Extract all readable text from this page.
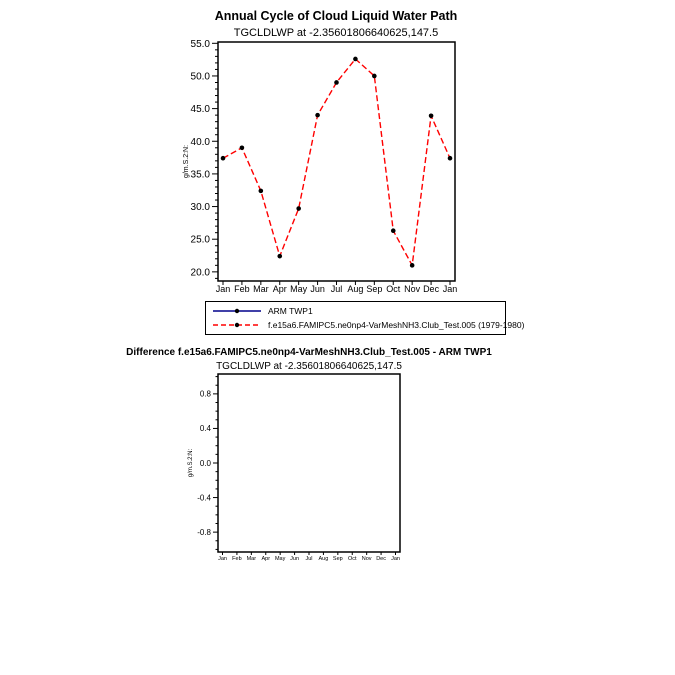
Annual Cycle of Cloud Liquid Water Path
TGCLDLWP at -2.35601806640625,147.5
20.0
25.0
30.0
35.0
40.0
45.0
50.0
55.0
Jan Feb Mar Apr May Jun Jul Aug Sep Oct Nov Dec Jan
g/m.S.2:N:
ARM TWP1
f.e15a6.FAMIPC5.ne0np4-VarMeshNH3.Club_Test.005 (1979-1980)
Difference f.e15a6.FAMIPC5.ne0np4-VarMeshNH3.Club_Test.005 - ARM TWP1
TGCLDLWP at -2.35601806640625,147.5
-0.8
-0.4
0.0
0.4
0.8
Jan Feb Mar Apr May Jun Jul Aug Sep Oct Nov Dec Jan
g/m.S.2:N:
